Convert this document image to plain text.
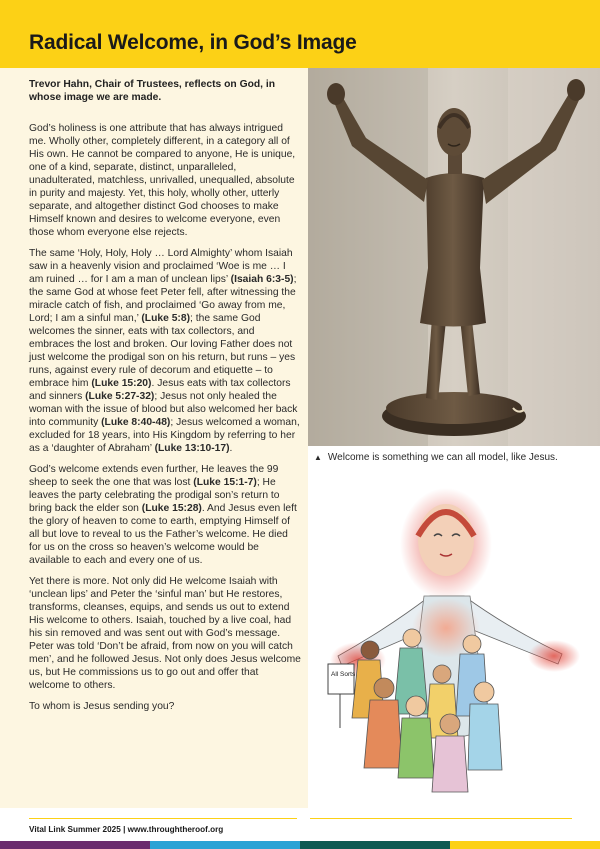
Radical Welcome, in God’s Image

Trevor Hahn, Chair of Trustees, reflects on God, in whose image we are made.

God’s holiness is one attribute that has always intrigued me. Wholly other, completely different, in a category all of His own. He cannot be compared to anyone, He is unique, one of a kind, separate, distinct, unparalleled, unadulterated, matchless, unrivalled, unequalled, absolute in purity and majesty. Yet, this holy, wholly other, utterly separate, and altogether distinct God chooses to make Himself known and desires to welcome everyone, even those whom everyone else rejects.

The same ‘Holy, Holy, Holy … Lord Almighty’ whom Isaiah saw in a heavenly vision and proclaimed ‘Woe is me … I am ruined … for I am a man of unclean lips’ (Isaiah 6:3-5); the same God at whose feet Peter fell, after witnessing the miracle catch of fish, and proclaimed ‘Go away from me, Lord; I am a sinful man,’ (Luke 5:8); the same God welcomes the sinner, eats with tax collectors, and embraces the lost and broken. Our loving Father does not just welcome the prodigal son on his return, but runs – yes runs, against every rule of decorum and etiquette – to embrace him (Luke 15:20). Jesus eats with tax collectors and sinners (Luke 5:27-32); Jesus not only healed the woman with the issue of blood but also welcomed her back into community (Luke 8:40-48); Jesus welcomed a woman, excluded for 18 years, into His Kingdom by referring to her as a ‘daughter of Abraham’ (Luke 13:10-17).

God’s welcome extends even further, He leaves the 99 sheep to seek the one that was lost (Luke 15:1-7); He leaves the party celebrating the prodigal son’s return to bring back the elder son (Luke 15:28). And Jesus even left the glory of heaven to come to earth, emptying Himself of all but love to reveal to us the Father’s welcome. He died for us on the cross so heaven’s welcome would be available to each and every one of us.

Yet there is more. Not only did He welcome Isaiah with ‘unclean lips’ and Peter the ‘sinful man’ but He restores, transforms, cleanses, equips, and sends us out to extend His welcome to others. Isaiah, touched by a live coal, had his sin removed and was sent out with God’s message. Peter was told ‘Don’t be afraid, from now on you will catch men’, and he followed Jesus. Not only does Jesus welcome us, but He commissions us to go out and offer that welcome to others.

To whom is Jesus sending you?

▲ Welcome is something we can all model, like Jesus.
All Sorts
Vital Link Summer 2025 | www.throughtheroof.org
